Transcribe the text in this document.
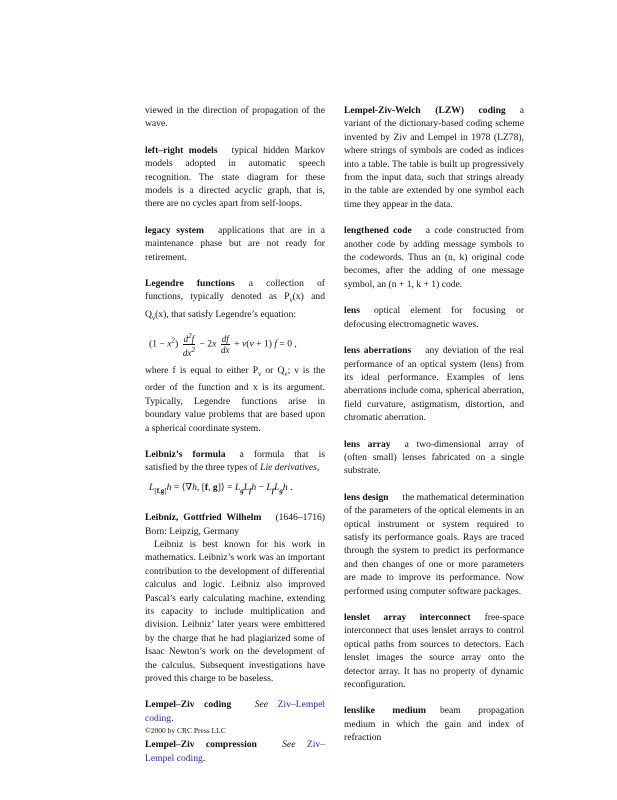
viewed in the direction of propagation of the wave.

left–right models typical hidden Markov models adopted in automatic speech recognition. The state diagram for these models is a directed acyclic graph, that is, there are no cycles apart from self-loops.

legacy system applications that are in a maintenance phase but are not ready for retirement.

Legendre functions a collection of functions, typically denoted as $P_\nu(x)$ and $Q_\nu(x)$, that satisfy Legendre’s equation:
$(1 - x^2) \frac{d^2f}{dx^2} - 2x \frac{df}{dx} + \nu(\nu + 1)$ f = 0 ,
where f is equal to either $P_\nu$ or $Q_\nu$; ν is the order of the function and x is its argument. Typically, Legendre functions arise in boundary value problems that are based upon a spherical coordinate system.
Leibniz’s formula a formula that is satisfied by the three types of Lie derivatives,
$L_{[f,g]}h$ = ⟨∇h, [f, g]⟩ = $L_gL_fh - L_fL_gh$ .
Leibniz, Gottfried Wilhelm (1646–1716) Born: Leipzig, Germany
Leibniz is best known for his work in mathematics. Leibniz’s work was an important contribution to the development of differential calculus and logic. Leibniz also improved Pascal’s early calculating machine, extending its capacity to include multiplication and division. Leibniz’ later years were embittered by the charge that he had plagiarized some of Isaac Newton’s work on the development of the calculus. Subsequent investigations have proved this charge to be baseless.

Lempel–Ziv coding See Ziv–Lempel coding.

Lempel–Ziv compression	See Ziv–Lempel coding.

Lempel-Ziv-Welch (LZW) coding a variant of the dictionary-based coding scheme invented by Ziv and Lempel in 1978 (LZ78), where strings of symbols are coded as indices into a table. The table is built up progressively from the input data, such that strings already in the table are extended by one symbol each time they appear in the data.

lengthened code a code constructed from another code by adding message symbols to the codewords. Thus an (n, k) original code becomes, after the adding of one message symbol, an (n + 1, k + 1) code.

lens optical element for focusing or defocusing electromagnetic waves.

lens aberrations any deviation of the real performance of an optical system (lens) from its ideal performance. Examples of lens aberrations include coma, spherical aberration, field curvature, astigmatism, distortion, and chromatic aberration.

lens array a two-dimensional array of (often small) lenses fabricated on a single substrate.

lens design the mathematical determination of the parameters of the optical elements in an optical instrument or system required to satisfy its performance goals. Rays are traced through the system to predict its performance and then changes of one or more parameters are made to improve its performance. Now performed using computer software packages.

lenslet array interconnect free-space interconnect that uses lenslet arrays to control optical paths from sources to detectors. Each lenslet images the source array onto the detector array. It has no property of dynamic reconfiguration.

lenslike medium beam propagation medium in which the gain and index of refraction

©2000 by CRC Press LLC
